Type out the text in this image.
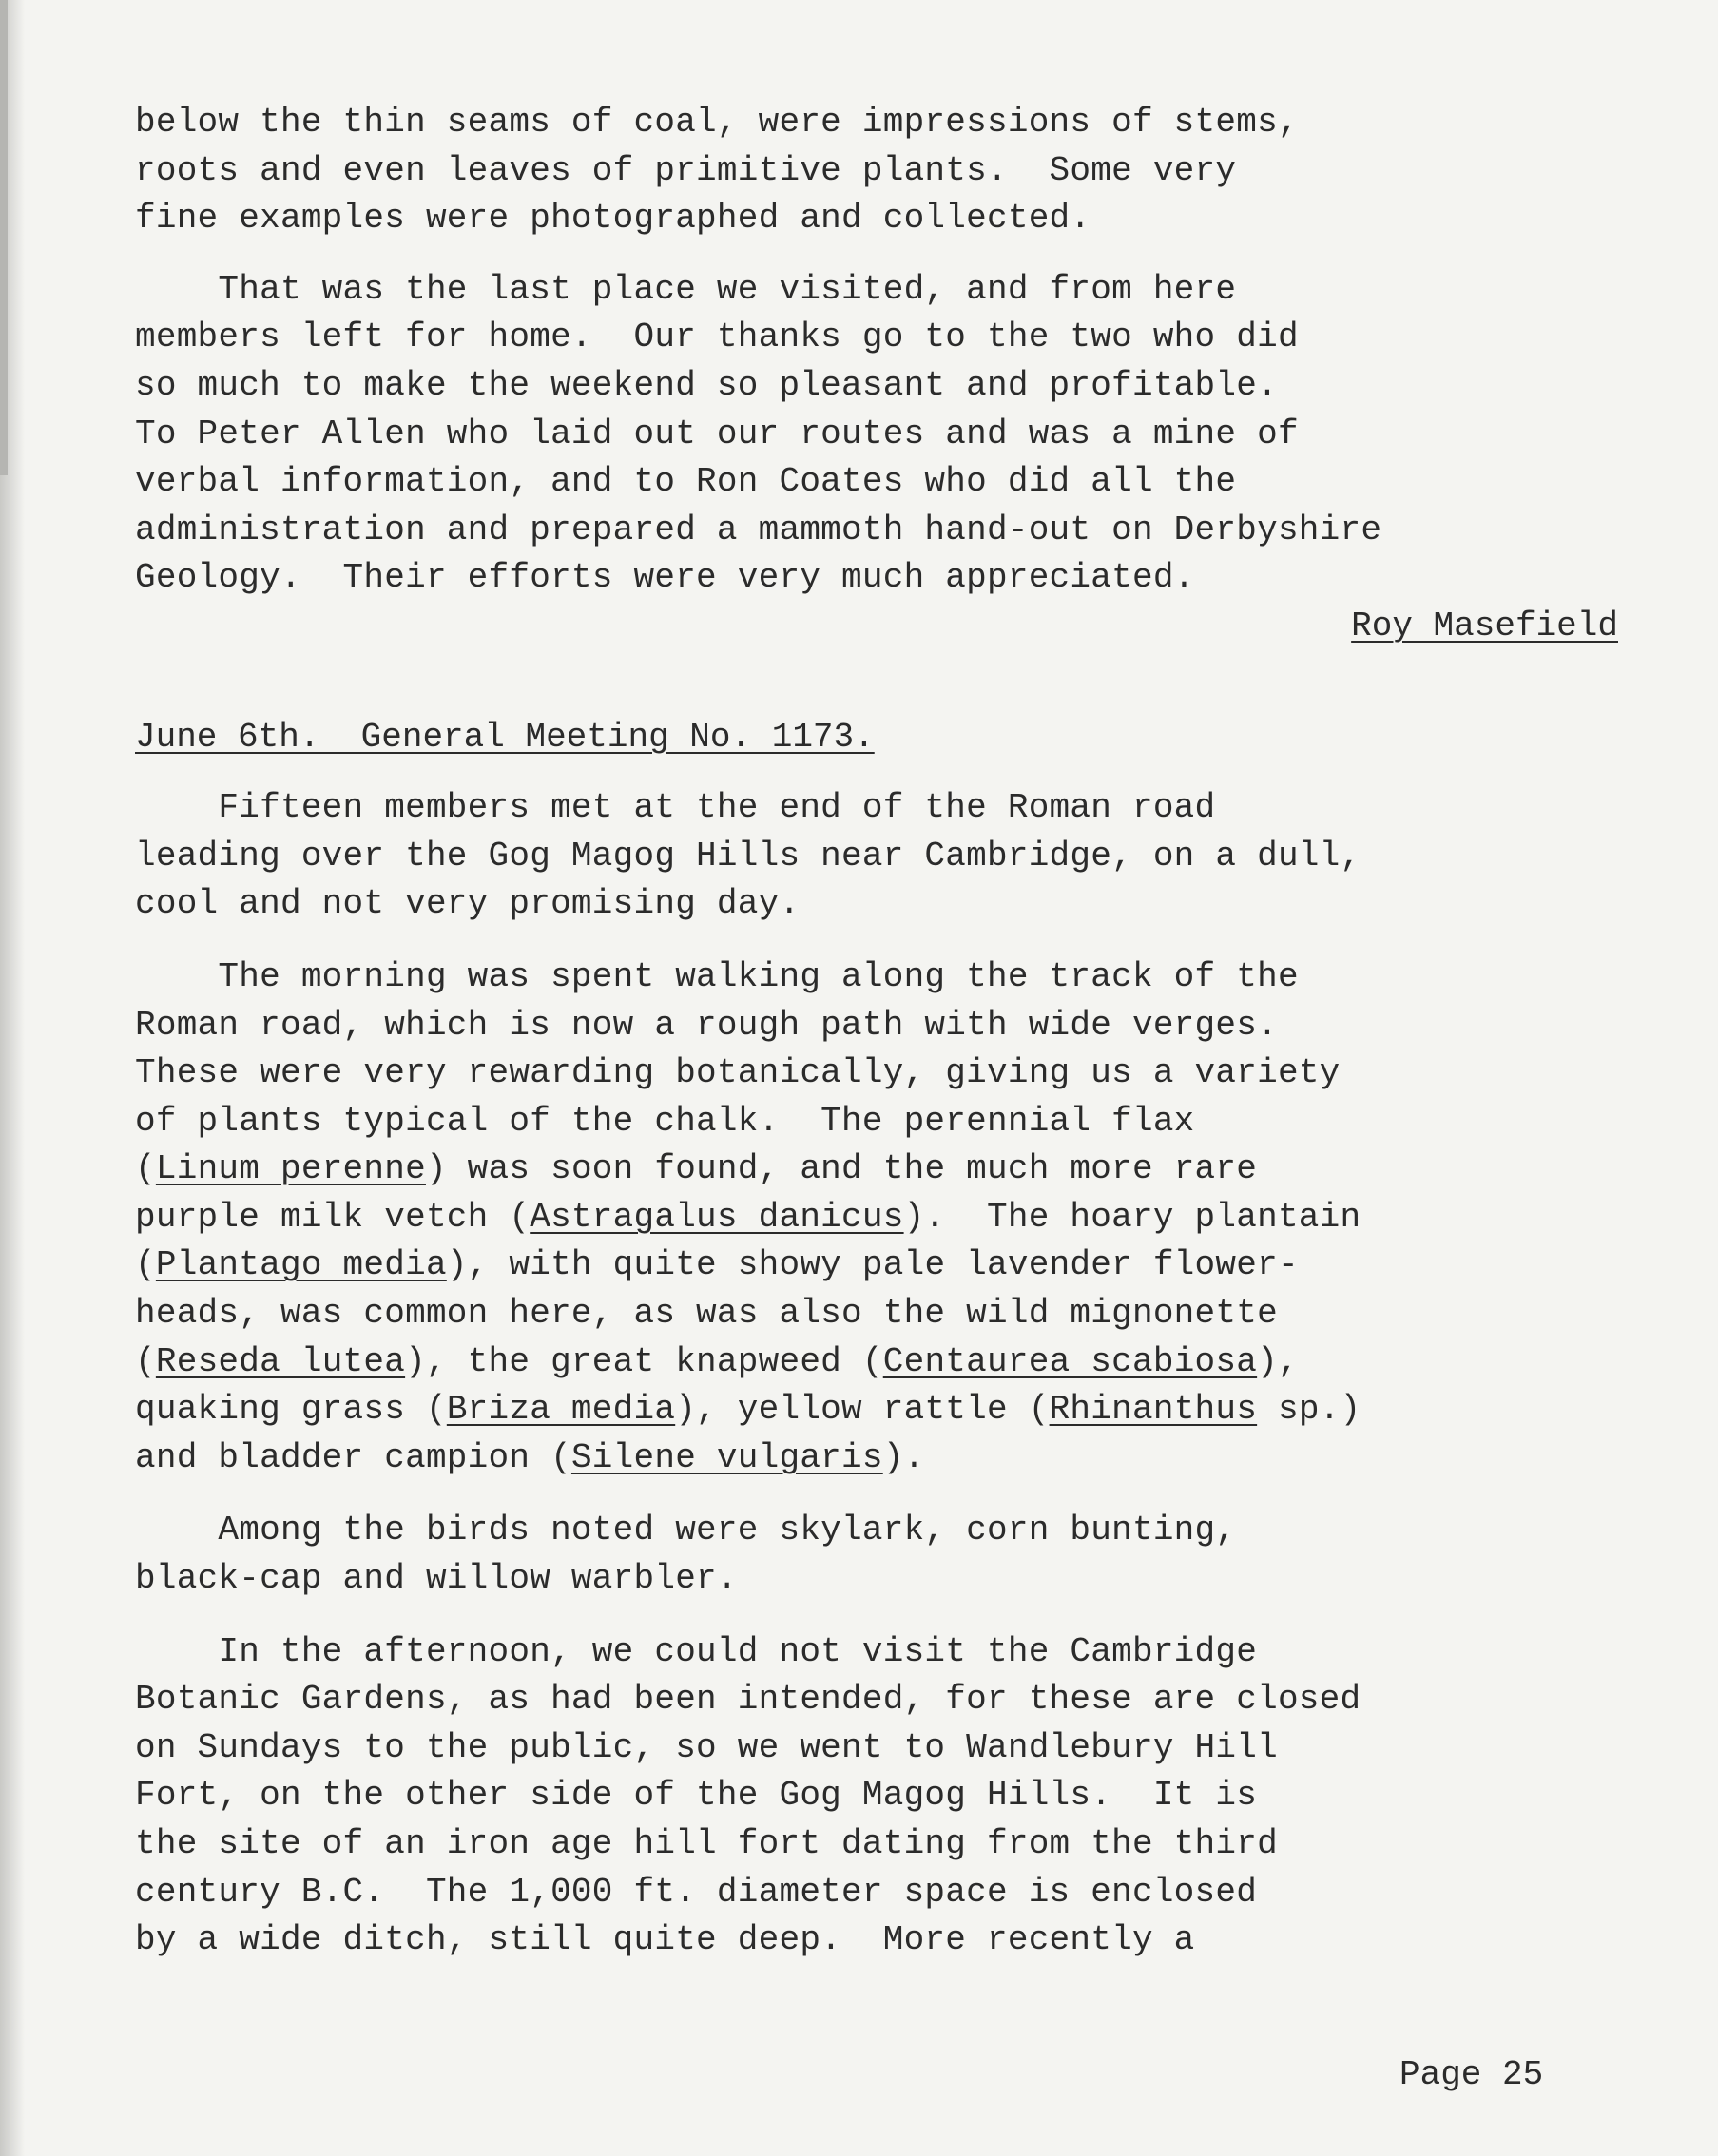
below the thin seams of coal, were impressions of stems,
roots and even leaves of primitive plants.  Some very
fine examples were photographed and collected.

That was the last place we visited, and from here
members left for home.  Our thanks go to the two who did
so much to make the weekend so pleasant and profitable.
To Peter Allen who laid out our routes and was a mine of
verbal information, and to Ron Coates who did all the
administration and prepared a mammoth hand-out on Derbyshire
Geology.  Their efforts were very much appreciated.

Roy Masefield

June 6th.  General Meeting No. 1173.

Fifteen members met at the end of the Roman road
leading over the Gog Magog Hills near Cambridge, on a dull,
cool and not very promising day.

The morning was spent walking along the track of the
Roman road, which is now a rough path with wide verges.
These were very rewarding botanically, giving us a variety
of plants typical of the chalk.  The perennial flax
(Linum perenne) was soon found, and the much more rare
purple milk vetch (Astragalus danicus).  The hoary plantain
(Plantago media), with quite showy pale lavender flower-
heads, was common here, as was also the wild mignonette
(Reseda lutea), the great knapweed (Centaurea scabiosa),
quaking grass (Briza media), yellow rattle (Rhinanthus sp.)
and bladder campion (Silene vulgaris).

Among the birds noted were skylark, corn bunting,
black-cap and willow warbler.

In the afternoon, we could not visit the Cambridge
Botanic Gardens, as had been intended, for these are closed
on Sundays to the public, so we went to Wandlebury Hill
Fort, on the other side of the Gog Magog Hills.  It is
the site of an iron age hill fort dating from the third
century B.C.  The 1,000 ft. diameter space is enclosed
by a wide ditch, still quite deep.  More recently a

Page 25
